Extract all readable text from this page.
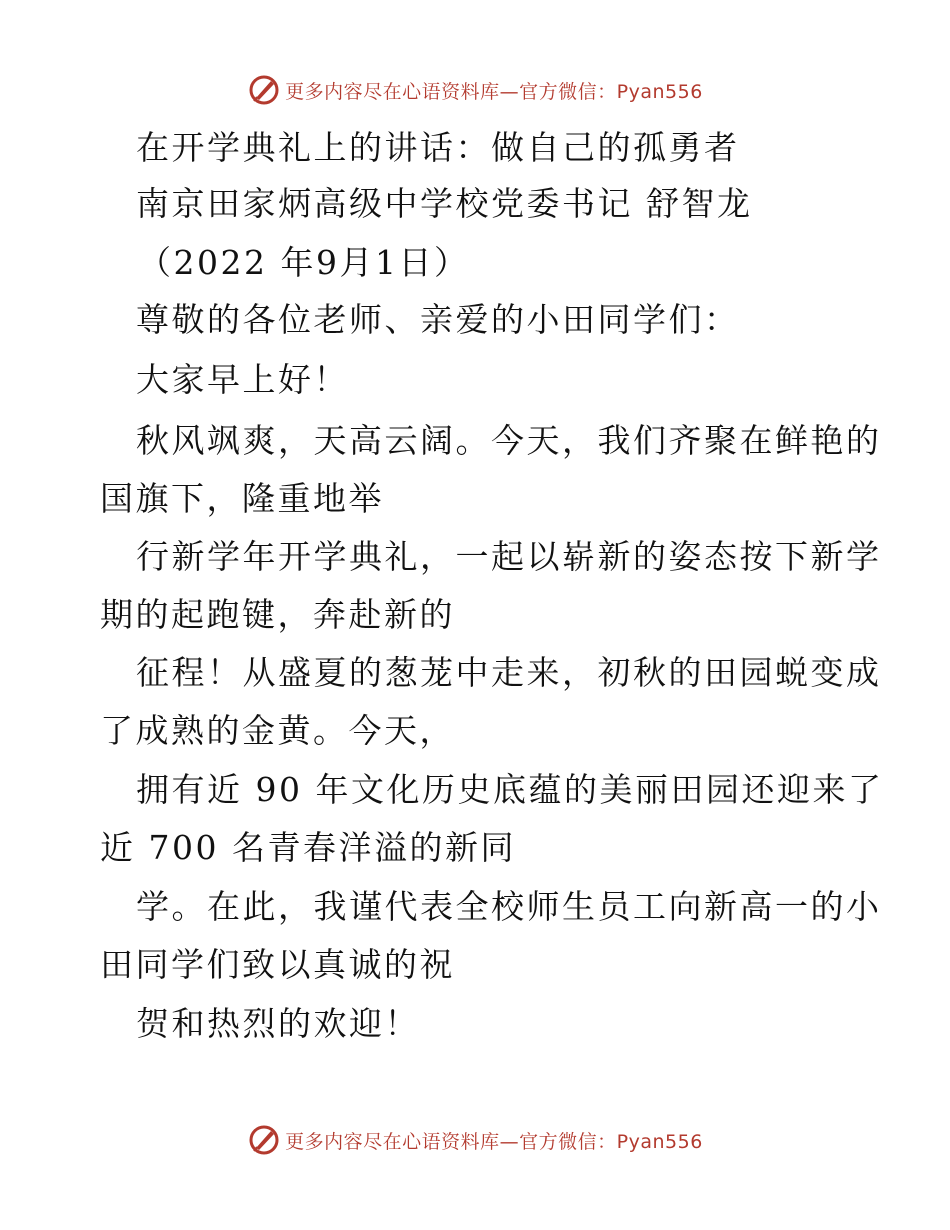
更多内容尽在心语资料库—官方微信：Pyan556
在开学典礼上的讲话：做自己的孤勇者
南京田家炳高级中学校党委书记 舒智龙
（2022 年9月1日）
尊敬的各位老师、亲爱的小田同学们：
大家早上好！
秋风飒爽，天高云阔。今天，我们齐聚在鲜艳的
国旗下，隆重地举
行新学年开学典礼，一起以崭新的姿态按下新学
期的起跑键，奔赴新的
征程！从盛夏的葱茏中走来，初秋的田园蜕变成
了成熟的金黄。今天，
拥有近 90 年文化历史底蕴的美丽田园还迎来了
近 700 名青春洋溢的新同
学。在此，我谨代表全校师生员工向新高一的小
田同学们致以真诚的祝
贺和热烈的欢迎！
更多内容尽在心语资料库—官方微信：Pyan556
